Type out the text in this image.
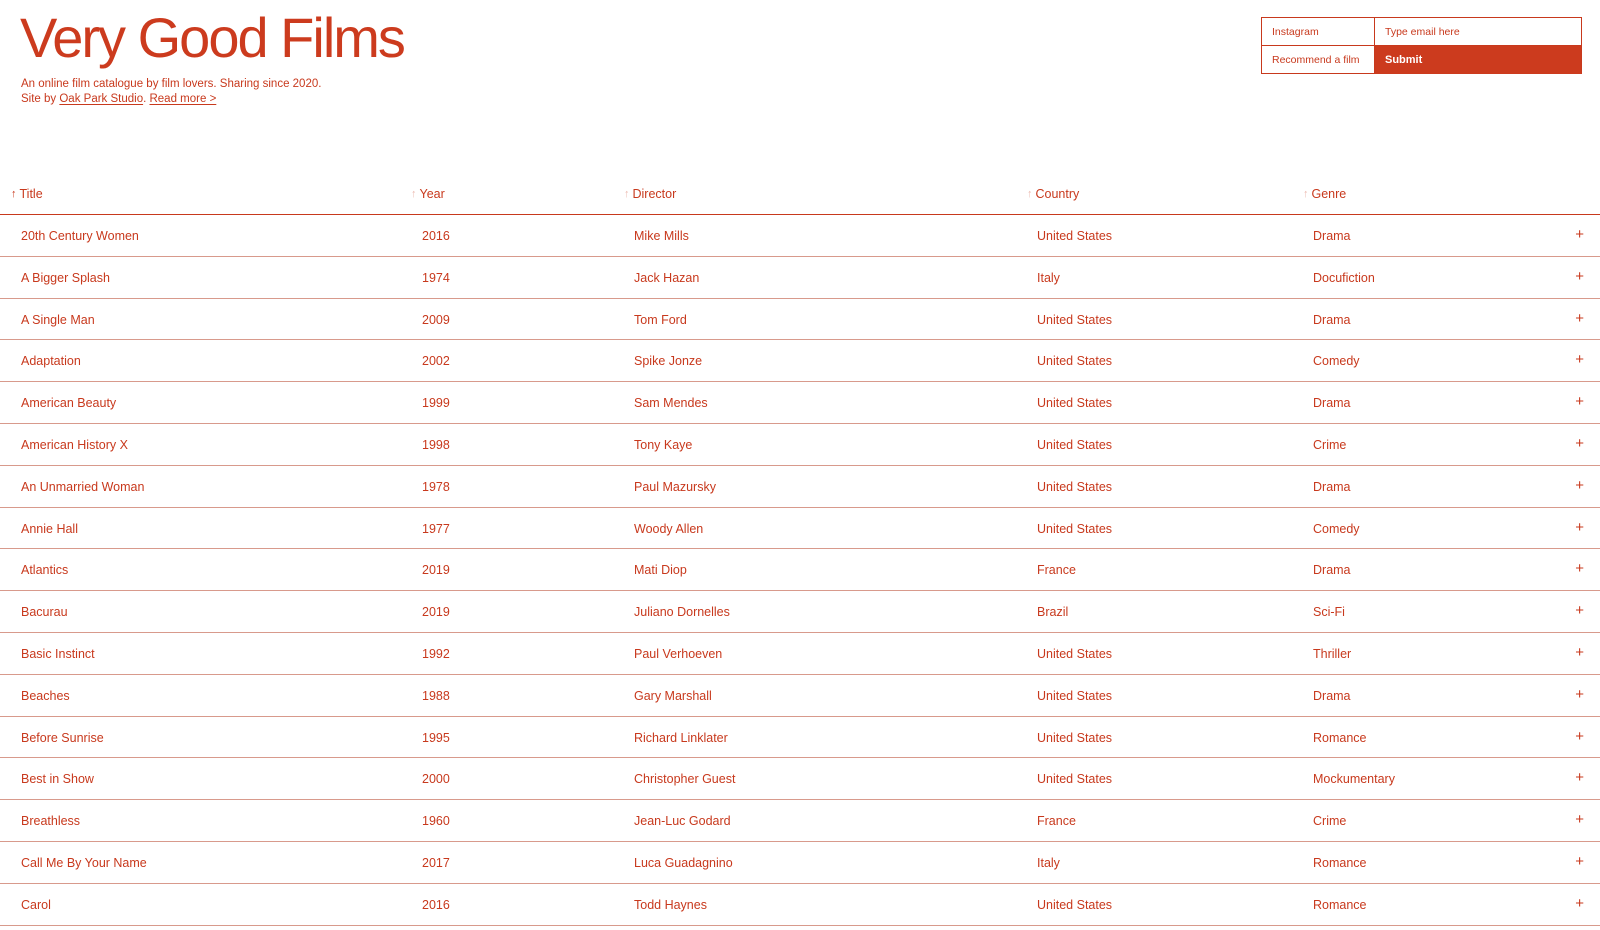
Very Good Films
An online film catalogue by film lovers. Sharing since 2020.
Site by Oak Park Studio. Read more >
Instagram
Type email here
Recommend a film	Submit
↑ Title	↑ Year	↑ Director	↑ Country	↑ Genre
20th Century Women	2016	Mike Mills	United States	Drama	+
A Bigger Splash	1974	Jack Hazan	Italy	Docufiction	+
A Single Man	2009	Tom Ford	United States	Drama	+
Adaptation	2002	Spike Jonze	United States	Comedy	+
American Beauty	1999	Sam Mendes	United States	Drama	+
American History X	1998	Tony Kaye	United States	Crime	+
An Unmarried Woman	1978	Paul Mazursky	United States	Drama	+
Annie Hall	1977	Woody Allen	United States	Comedy	+
Atlantics	2019	Mati Diop	France	Drama	+
Bacurau	2019	Juliano Dornelles	Brazil	Sci-Fi	+
Basic Instinct	1992	Paul Verhoeven	United States	Thriller	+
Beaches	1988	Gary Marshall	United States	Drama	+
Before Sunrise	1995	Richard Linklater	United States	Romance	+
Best in Show	2000	Christopher Guest	United States	Mockumentary	+
Breathless	1960	Jean-Luc Godard	France	Crime	+
Call Me By Your Name	2017	Luca Guadagnino	Italy	Romance	+
Carol	2016	Todd Haynes	United States	Romance	+
